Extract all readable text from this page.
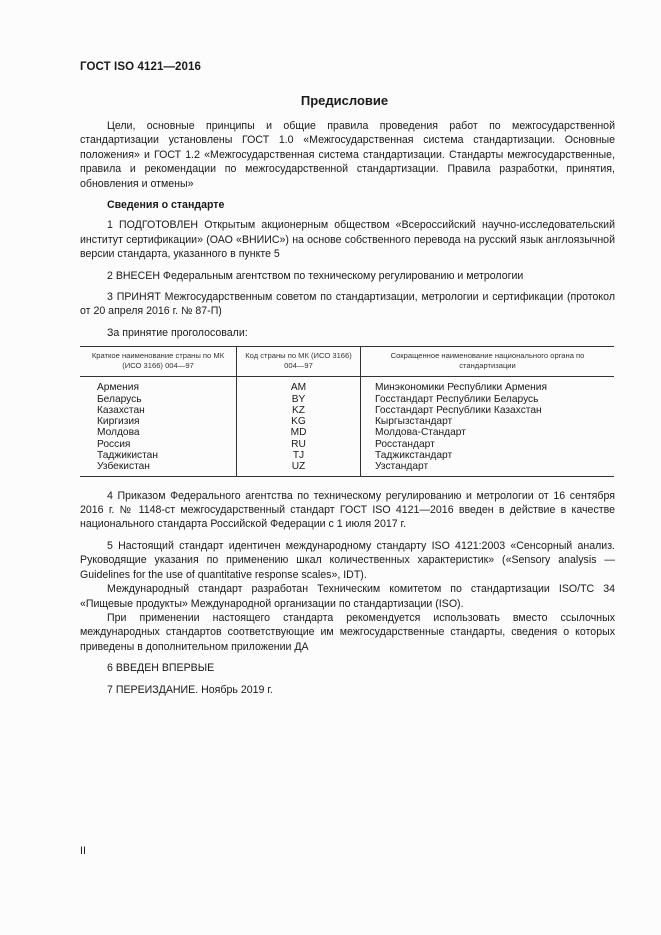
ГОСТ ISO 4121—2016
Предисловие

Цели, основные принципы и общие правила проведения работ по межгосударственной стандартизации установлены ГОСТ 1.0 «Межгосударственная система стандартизации. Основные положения» и ГОСТ 1.2 «Межгосударственная система стандартизации. Стандарты межгосударственные, правила и рекомендации по межгосударственной стандартизации. Правила разработки, принятия, обновления и отмены»

Сведения о стандарте

1 ПОДГОТОВЛЕН Открытым акционерным обществом «Всероссийский научно-исследовательский институт сертификации» (ОАО «ВНИИС») на основе собственного перевода на русский язык англоязычной версии стандарта, указанного в пункте 5

2 ВНЕСЕН Федеральным агентством по техническому регулированию и метрологии

3 ПРИНЯТ Межгосударственным советом по стандартизации, метрологии и сертификации (протокол от 20 апреля 2016 г. № 87-П)

За принятие проголосовали:

Краткое наименование страны по МК (ИСО 3166) 004—97	Код страны по МК (ИСО 3166) 004—97	Сокращенное наименование национального органа по стандартизации
Армения	AM	Минэкономики Республики Армения
Беларусь	BY	Госстандарт Республики Беларусь
Казахстан	KZ	Госстандарт Республики Казахстан
Киргизия	KG	Кыргызстандарт
Молдова	MD	Молдова-Стандарт
Россия	RU	Росстандарт
Таджикистан	TJ	Таджикстандарт
Узбекистан	UZ	Узстандарт

4 Приказом Федерального агентства по техническому регулированию и метрологии от 16 сентября 2016 г. № 1148-ст межгосударственный стандарт ГОСТ ISO 4121—2016 введен в действие в качестве национального стандарта Российской Федерации с 1 июля 2017 г.

5 Настоящий стандарт идентичен международному стандарту ISO 4121:2003 «Сенсорный анализ. Руководящие указания по применению шкал количественных характеристик» («Sensory analysis — Guidelines for the use of quantitative response scales», IDT).

Международный стандарт разработан Техническим комитетом по стандартизации ISO/TC 34 «Пищевые продукты» Международной организации по стандартизации (ISO).

При применении настоящего стандарта рекомендуется использовать вместо ссылочных международных стандартов соответствующие им межгосударственные стандарты, сведения о которых приведены в дополнительном приложении ДА

6 ВВЕДЕН ВПЕРВЫЕ

7 ПЕРЕИЗДАНИЕ. Ноябрь 2019 г.

II
